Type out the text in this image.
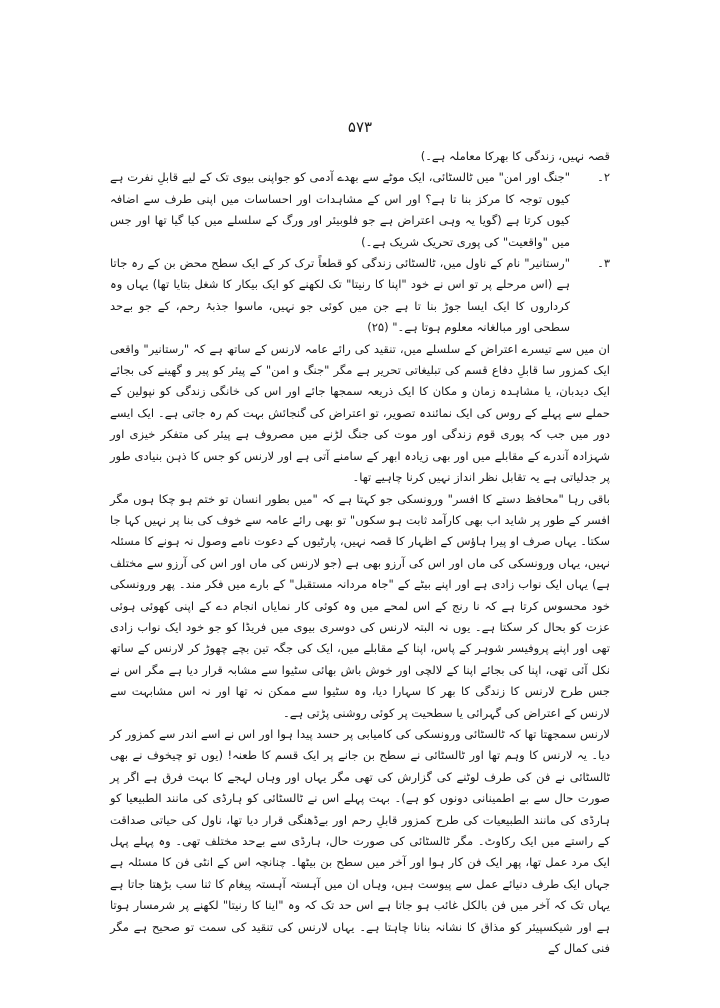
۵۷۳

قصہ نہیں، زندگی کا بھرکا معاملہ ہے۔)

۲۔
"جنگ اور امن" میں ٹالسٹائی، ایک موٹے سے بھدے آدمی کو جواپنی بیوی تک کے لیے قابلِ نفرت ہے کیوں توجہ کا مرکز بنا تا ہے؟ اور اس کے مشاہدات اور احساسات میں اپنی طرف سے اضافہ کیوں کرتا ہے (گویا یہ وہی اعتراض ہے جو فلوبیئر اور ورگ کے سلسلے میں کیا گیا تھا اور جس میں "واقعیت" کی پوری تحریک شریک ہے۔)
۳۔
"رستانیر" نام کے ناول میں، ٹالسٹائی زندگی کو قطعاً ترک کر کے ایک سطح محض بن کے رہ جاتا ہے (اس مرحلے پر تو اس نے خود "اپنا کا رنیتا" تک لکھنے کو ایک بیکار کا شغل بتایا تھا) یہاں وہ کرداروں کا ایک ایسا جوڑ بنا تا ہے جن میں کوئی جو نہیں، ماسوا جذبۂ رحم، کے جو بےحد سطحی اور مبالغانہ معلوم ہوتا ہے۔" (۲۵)

ان میں سے تیسرے اعتراض کے سلسلے میں، تنقید کی رائے عامہ لارنس کے ساتھ ہے کہ "رستانیر" واقعی ایک کمزور سا قابلِ دفاع قسم کی تبلیغاتی تحریر ہے مگر "جنگ و امن" کے پیئر کو پیر و گھینے کی بجائے ایک دیدبان، یا مشاہدہ زمان و مکان کا ایک ذریعہ سمجھا جائے اور اس کی خانگی زندگی کو نپولین کے حملے سے پہلے کے روس کی ایک نمائندہ تصویر، تو اعتراض کی گنجائش بہت کم رہ جاتی ہے۔ ایک ایسے دور میں جب کہ پوری قوم زندگی اور موت کی جنگ لڑنے میں مصروف ہے پیئر کی متفکر خیزی اور شہزادہ آندرے کے مقابلے میں اور بھی زیادہ ابھر کے سامنے آتی ہے اور لارنس کو جس کا ذہن بنیادی طور پر جدلیاتی ہے یہ تقابل نظر انداز نہیں کرنا چاہیے تھا۔

باقی رہا "محافظ دستے کا افسر" ورونسکی جو کہتا ہے کہ "میں بطور انسان تو ختم ہو چکا ہوں مگر افسر کے طور پر شاید اب بھی کارآمد ثابت ہو سکوں" تو بھی رائے عامہ سے خوف کی بنا پر نہیں کہا جا سکتا۔ یہاں صرف او پیرا ہاؤس کے اظہار کا قصہ نہیں، پارٹیوں کے دعوت نامے وصول نہ ہونے کا مسئلہ نہیں، یہاں ورونسکی کی ماں اور اس کی آرزو بھی ہے (جو لارنس کی ماں اور اس کی آرزو سے مختلف ہے) یہاں ایک نواب زادی ہے اور اپنے بیٹے کے "جاہ مردانہ مستقبل" کے بارے میں فکر مند۔ پھر ورونسکی خود محسوس کرتا ہے کہ نا رنج کے اس لمحے میں وہ کوئی کار نمایاں انجام دے کے اپنی کھوئی ہوئی عزت کو بحال کر سکتا ہے۔ یوں نہ البتہ لارنس کی دوسری بیوی میں فریڈا کو جو خود ایک نواب زادی تھی اور اپنے پروفیسر شوہر کے پاس، اپنا کے مقابلے میں، ایک کی جگہ تین بچے چھوڑ کر لارنس کے ساتھ نکل آئی تھی، اپنا کی بجائے اپنا کے لالچی اور خوش باش بھائی سٹیوا سے مشابہ قرار دیا ہے مگر اس نے جس طرح لارنس کا زندگی کا بھر کا سہارا دیا، وہ سٹیوا سے ممکن نہ تھا اور نہ اس مشابہت سے لارنس کے اعتراض کی گہرائی یا سطحیت پر کوئی روشنی پڑتی ہے۔

لارنس سمجھتا تھا کہ ٹالسٹائی ورونسکی کی کامیابی پر حسد پیدا ہوا اور اس نے اسے اندر سے کمزور کر دیا۔ یہ لارنس کا وہم تھا اور ٹالسٹائی نے سطح بن جانے پر ایک قسم کا طعنہ! (یوں تو چیخوف نے بھی ٹالسٹائی نے فن کی طرف لوٹنے کی گزارش کی تھی مگر یہاں اور وہاں لہجے کا بہت فرق ہے اگر پر صورت حال سے بے اطمینانی دونوں کو ہے)۔ بہت پہلے اس نے ٹالسٹائی کو ہارڈی کی مانند الطبیعیا کو ہارڈی کی مانند الطبیعیات کی طرح کمزور قابلِ رحم اور بےڈھنگی قرار دیا تھا، ناول کی حیاتی صداقت کے راستے میں ایک رکاوٹ۔ مگر ٹالسٹائی کی صورت حال، ہارڈی سے بےحد مختلف تھی۔ وہ پہلے پہل ایک مرد عمل تھا، پھر ایک فن کار ہوا اور آخر میں سطح بن بیٹھا۔ چنانچہ اس کے انٹی فن کا مسئلہ ہے جہاں ایک طرف دنیائے عمل سے پیوست ہیں، وہاں ان میں آہستہ آہستہ پیغام کا ثنا سب بڑھتا جاتا ہے یہاں تک کہ آخر میں فن بالکل غائب ہو جاتا ہے اس حد تک کہ وہ "اینا کا رنیتا" لکھنے پر شرمسار ہوتا ہے اور شیکسپیئر کو مذاق کا نشانہ بنانا چاہتا ہے۔ یہاں لارنس کی تنقید کی سمت تو صحیح ہے مگر فنی کمال کے
